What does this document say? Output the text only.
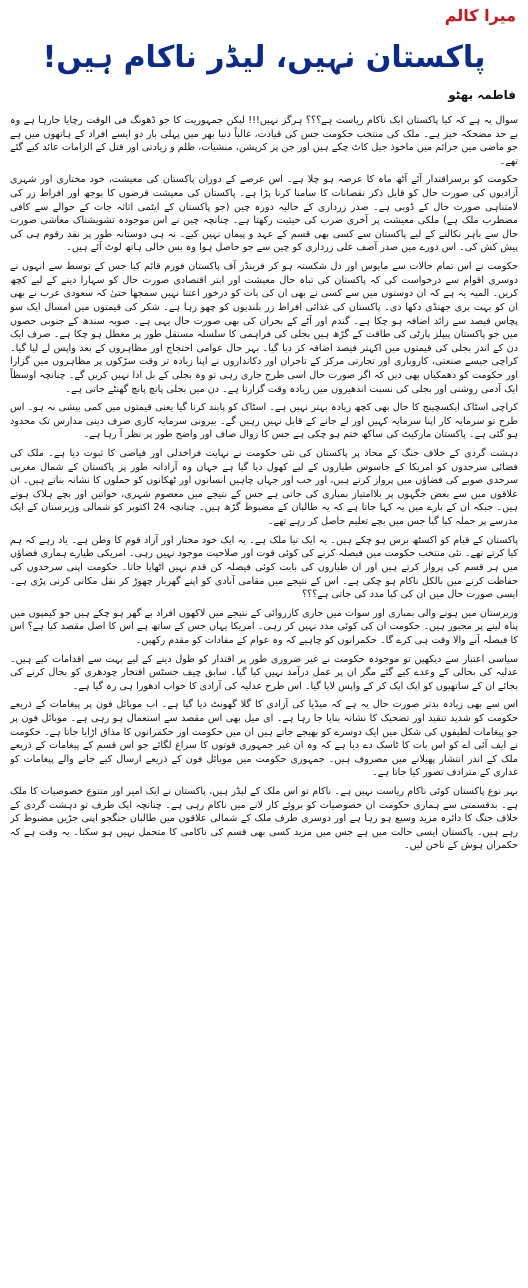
میرا کالم
پاکستان نہیں، لیڈر ناکام ہیں!
فاطمہ بھٹو

سوال یہ ہے کہ کیا پاکستان ایک ناکام ریاست ہے؟؟؟ ہرگز نہیں!!! لیکن جمہوریت کا جو ڈھونگ فی الوقت رچایا جارہا ہے وہ بے حد مضحکہ خیز ہے۔ ملک کی منتخب حکومت جس کی قیادت، غالباً دنیا بھر میں پہلی بار دو ایسے افراد کے ہاتھوں میں ہے جو ماضی میں جرائم میں ماخوذ جیل کاٹ چکے ہیں اور جن پر کرپشن، منشیات، ظلم و زیادتی اور قتل کے الزامات عائد کیے گئے تھے۔

حکومت کو برسراقتدار آئے آٹھ ماہ کا عرصہ ہو چلا ہے۔ اس عرصے کے دوران پاکستان کی معیشت، خود مختاری اور شہری آزادیوں کی صورت حال کو قابل ذکر نقصانات کا سامنا کرنا پڑا ہے۔ پاکستان کی معیشت قرضوں کا بوجھ اور افراط زر کی لامتناہی صورت حال کے ڈوبی ہے۔ صدر زرداری کے حالیہ دورہ چین (جو پاکستان کے ایٹمی اثاثہ جات کے حوالے سے کافی مضطرب ملک ہے) ملکی معیشت پر آخری ضرب کی حیثیت رکھتا ہے۔ چنانچہ چین نے اس موجودہ تشویشناک معاشی صورت حال سے باہر نکالنے کے لیے پاکستان سے کسی بھی قسم کے عہد و پیماں نہیں کیے۔ نہ ہی دوستانہ طور پر نقد رقوم ہی کی پیش کش کی۔ اس دورے میں صدر آصف علی زرداری کو چین سے جو حاصل ہوا وہ بس خالی ہاتھ لوٹ آئے ہیں۔

حکومت نے اس تمام حالات سے مایوس اور دل شکستہ ہو کر فرینڈز آف پاکستان فورم قائم کیا جس کے توسط سے انہوں نے دوسری اقوام سے درخواست کی کہ پاکستان کی تباہ حال معیشت اور ابتر اقتصادی صورت حال کو سہارا دینے کے لیے کچھ کریں۔ المیہ یہ ہے کہ ان دوستوں میں سے کسی نے بھی ان کی بات کو درخور اعتنا نہیں سمجھا حتیٰ کہ سعودی عرب نے بھی ان کو بہت بری جھنڈی دکھا دی۔ پاکستان کی غذائی افراط زر بلندیوں کو چھو رہا ہے۔ شکر کی قیمتوں میں امسال ایک سو پچاس فیصد سے زائد اضافہ ہو چکا ہے۔ گندم اور آٹے کے بحران کی بھی صورت حال یہی ہے۔ صوبہ سندھ کے جنوبی حصوں میں جو پاکستان پیپلز پارٹی کی طاقت کے گڑھ ہیں بجلی کی فراہمی کا سلسلہ مستقل طور پر معطل ہو چکا ہے۔ صرف ایک دن کے اندر بجلی کی قیمتوں میں اکہتر فیصد اضافہ کر دیا گیا۔ بہر حال عوامی احتجاج اور مظاہروں کے بعد واپس لے لیا گیا۔ کراچی جیسے صنعتی، کاروباری اور تجارتی مرکز کے تاجران اور دکانداروں نے اپنا زیادہ تر وقت سڑکوں پر مظاہروں میں گزارا اور حکومت کو دھمکیاں بھی دیں کہ اگر صورت حال اسی طرح جاری رہی تو وہ بجلی کے بل ادا نہیں کریں گے۔ چنانچہ اوسطاً ایک آدمی روشنی اور بجلی کی نسبت اندھیروں میں زیادہ وقت گزارتا ہے۔ دن میں بجلی پانچ پانچ گھنٹے جاتی ہے۔

کراچی اسٹاک ایکسچینج کا حال بھی کچھ زیادہ بہتر نہیں ہے۔ اسٹاک کو پابند کرنا گیا یعنی قیمتوں میں کمی بیشی نہ ہو۔ اس طرح تو سرمایہ کار اپنا سرمایہ کہیں اور لے جانے کے قابل نہیں رہیں گے۔ بیرونی سرمایہ کاری صرف دینی مدارس تک محدود ہو گئی ہے۔ پاکستان مارکیٹ کی ساکھ ختم ہو چکی ہے جس کا زوال صاف اور واضح طور پر نظر آ رہا ہے۔

دہشت گردی کے خلاف جنگ کے محاذ پر پاکستان کی نئی حکومت نے نہایت فراخدلی اور فیاضی کا ثبوت دیا ہے۔ ملک کی فضائی سرحدوں کو امریکا کے جاسوس طیاروں کے لیے کھول دیا گیا ہے جہاں وہ آزادانہ طور پر پاکستان کے شمال مغربی سرحدی صوبے کی فضاؤں میں پرواز کرتے ہیں، اور جب اور جہاں چاہیں انسانوں اور ٹھکانوں کو حملوں کا نشانہ بناتے ہیں۔ ان علاقوں میں سے بعض جگہوں پر بلاامتیاز بمباری کی جاتی ہے جس کے نتیجے میں معصوم شہری، خواتین اور بچے ہلاک ہوتے ہیں۔ جبکہ ان کے بارے میں یہ کہا جاتا ہے کہ یہ طالبان کے مضبوط گڑھ ہیں۔ چنانچہ 24 اکتوبر کو شمالی وزیرستان کے ایک مدرسے پر حملہ کیا گیا جس میں بچے تعلیم حاصل کر رہے تھے۔

پاکستان کے قیام کو اکسٹھ برس ہو چکے ہیں۔ یہ ایک نیا ملک ہے۔ یہ ایک خود مختار اور آزاد قوم کا وطن ہے۔ یاد رہے کہ ہم کیا کرتے تھے۔ نئی منتخب حکومت میں فیصلہ کرنے کی کوئی قوت اور صلاحیت موجود نہیں رہی۔ امریکی طیارے ہماری فضاؤں میں ہر قسم کی پرواز کرتے ہیں اور ان طیاروں کی بابت کوئی فیصلہ کن قدم نہیں اٹھایا جاتا۔ حکومت اپنی سرحدوں کی حفاظت کرنے میں بالکل ناکام ہو چکی ہے۔ اس کے نتیجے میں مقامی آبادی کو اپنے گھربار چھوڑ کر نقل مکانی کرنی پڑی ہے۔ ایسی صورت حال میں ان کی کیا مدد کی جاتی ہے؟؟؟

وزیرستان میں ہونے والی بمباری اور سوات میں جاری کارروائی کے نتیجے میں لاکھوں افراد بے گھر ہو چکے ہیں جو کیمپوں میں پناہ لینے پر مجبور ہیں۔ حکومت ان کی کوئی مدد نہیں کر رہی۔ امریکا یہاں جس کے ساتھ ہے اس کا اصل مقصد کیا ہے؟ اس کا فیصلہ آنے والا وقت ہی کرے گا۔ حکمرانوں کو چاہیے کہ وہ عوام کے مفادات کو مقدم رکھیں۔

سیاسی اعتبار سے دیکھیں تو موجودہ حکومت نے غیر ضروری طور پر اقتدار کو طول دینے کے لیے بہت سے اقدامات کیے ہیں۔ عدلیہ کی بحالی کے وعدے کیے گئے مگر ان پر عمل درآمد نہیں کیا گیا۔ سابق چیف جسٹس افتخار چودھری کو بحال کرنے کی بجائے ان کے ساتھیوں کو ایک ایک کر کے واپس لایا گیا۔ اس طرح عدلیہ کی آزادی کا خواب ادھورا ہی رہ گیا ہے۔

اس سے بھی زیادہ بدتر صورت حال یہ ہے کہ میڈیا کی آزادی کا گلا گھونٹ دیا گیا ہے۔ اب موبائل فون پر پیغامات کے ذریعے حکومت کو شدید تنقید اور تضحیک کا نشانہ بنایا جا رہا ہے۔ ای میل بھی اس مقصد سے استعمال ہو رہی ہے۔ موبائل فون پر جو پیغامات لطیفوں کی شکل میں ایک دوسرے کو بھیجے جاتے ہیں ان میں حکومت اور حکمرانوں کا مذاق اڑایا جاتا ہے۔ حکومت نے ایف آئی اے کو اس بات کا ٹاسک دے دیا ہے کہ وہ ان غیر جمہوری قوتوں کا سراغ لگائے جو اس قسم کے پیغامات کے ذریعے ملک کے اندر انتشار پھیلانے میں مصروف ہیں۔ جمہوری حکومت میں موبائل فون کے ذریعے ارسال کیے جانے والے پیغامات کو غداری کے مترادف تصور کیا جاتا ہے۔

بہر نوع پاکستان کوئی ناکام ریاست نہیں ہے۔ ناکام تو اس ملک کے لیڈر ہیں، پاکستان نے ایک امیر اور متنوع خصوصیات کا ملک ہے۔ بدقسمتی سے ہماری حکومت ان خصوصیات کو بروئے کار لانے میں ناکام رہی ہے۔ چنانچہ ایک طرف تو دہشت گردی کے خلاف جنگ کا دائرہ مزید وسیع ہو رہا ہے اور دوسری طرف ملک کے شمالی علاقوں میں طالبان جنگجو اپنی جڑیں مضبوط کر رہے ہیں۔ پاکستان ایسی حالت میں ہے جس میں مزید کسی بھی قسم کی ناکامی کا متحمل نہیں ہو سکتا۔ یہ وقت ہے کہ حکمران ہوش کے ناخن لیں۔
